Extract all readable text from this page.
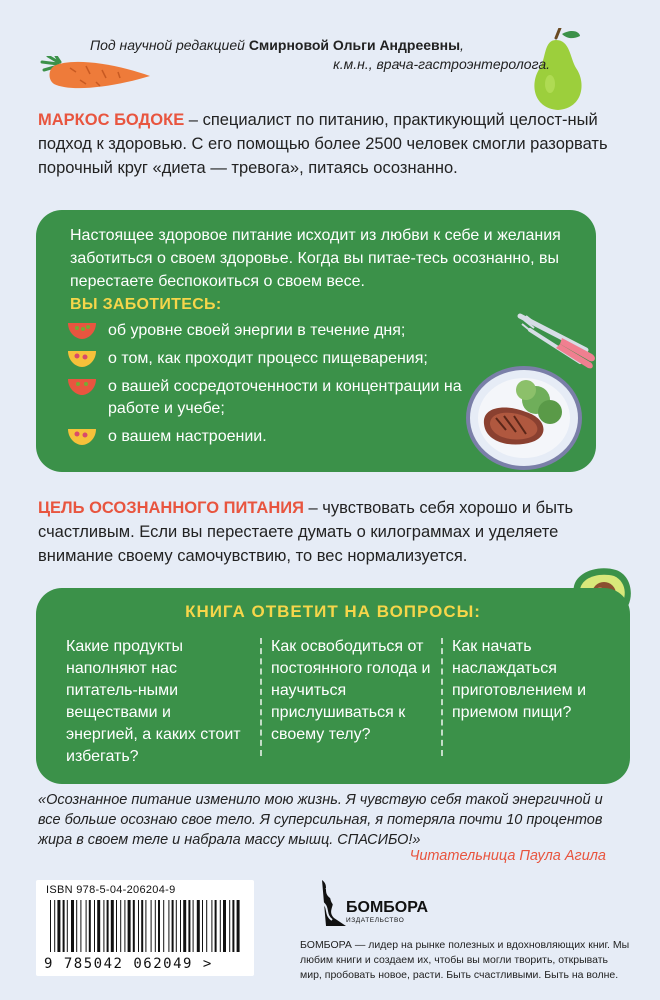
Под научной редакцией Смирновой Ольги Андреевны,
к.м.н., врача-гастроэнтеролога.
МАРКОС БОДОКЕ – специалист по питанию, практикующий целост-ный подход к здоровью. С его помощью более 2500 человек смогли разорвать порочный круг «диета — тревога», питаясь осознанно.
Настоящее здоровое питание исходит из любви к себе и желания заботиться о своем здоровье. Когда вы питае-тесь осознанно, вы перестаете беспокоиться о своем весе.
ВЫ ЗАБОТИТЕСЬ:
об уровне своей энергии в течение дня;
о том, как проходит процесс пищеварения;
о вашей сосредоточенности и концентрации на работе и учебе;
о вашем настроении.
ЦЕЛЬ ОСОЗНАННОГО ПИТАНИЯ – чувствовать себя хорошо и быть счастливым. Если вы перестаете думать о килограммах и уделяете внимание своему самочувствию, то вес нормализуется.
КНИГА ОТВЕТИТ НА ВОПРОСЫ:
Какие продукты наполняют нас питатель-ными веществами и энергией, а каких стоит избегать?
Как освободиться от постоянного голода и научиться прислушиваться к своему телу?
Как начать наслаждаться приготовлением и приемом пищи?
«Осознанное питание изменило мою жизнь. Я чувствую себя такой энергичной и все больше осознаю свое тело. Я суперсильная, я потеряла почти 10 процентов жира в своем теле и набрала массу мышц. СПАСИБО!»
Читательница Паула Агила
ISBN 978-5-04-206204-9
9 785042 062049 >
БОМБОРА
ИЗДАТЕЛЬСТВО
БОМБОРА — лидер на рынке полезных и вдохновляющих книг. Мы любим книги и создаем их, чтобы вы могли творить, открывать мир, пробовать новое, расти. Быть счастливыми. Быть на волне.
